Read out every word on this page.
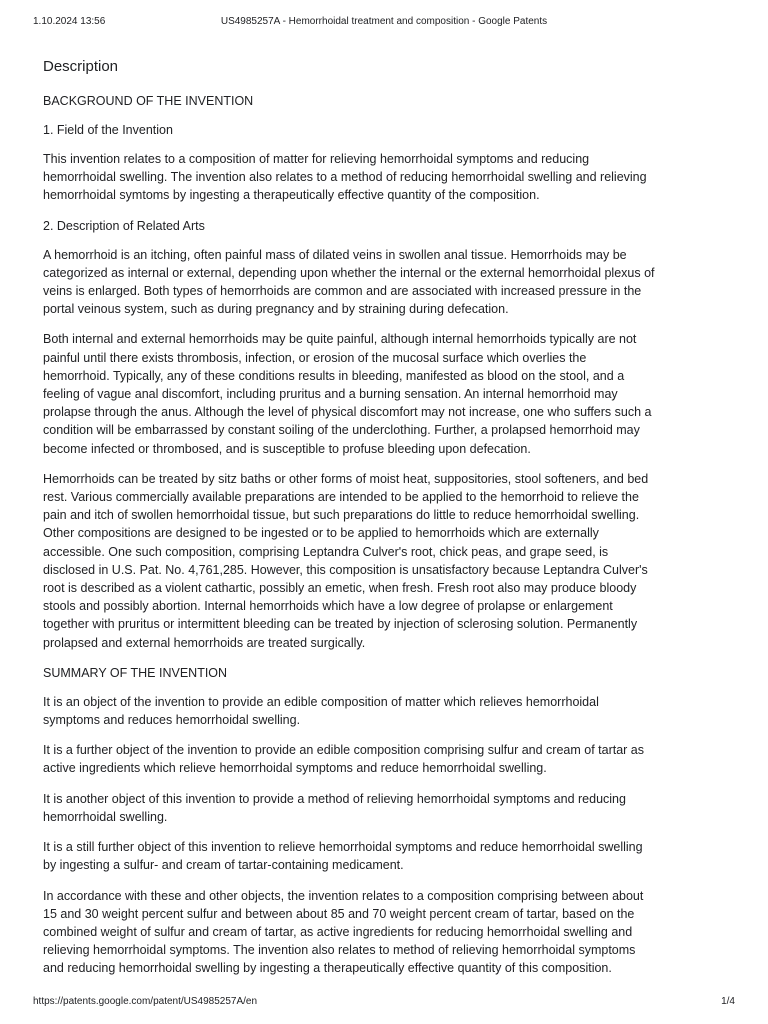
1.10.2024 13:56	US4985257A - Hemorrhoidal treatment and composition - Google Patents
Description
BACKGROUND OF THE INVENTION
1. Field of the Invention
This invention relates to a composition of matter for relieving hemorrhoidal symptoms and reducing hemorrhoidal swelling. The invention also relates to a method of reducing hemorrhoidal swelling and relieving hemorrhoidal symtoms by ingesting a therapeutically effective quantity of the composition.
2. Description of Related Arts
A hemorrhoid is an itching, often painful mass of dilated veins in swollen anal tissue. Hemorrhoids may be categorized as internal or external, depending upon whether the internal or the external hemorrhoidal plexus of veins is enlarged. Both types of hemorrhoids are common and are associated with increased pressure in the portal veinous system, such as during pregnancy and by straining during defecation.
Both internal and external hemorrhoids may be quite painful, although internal hemorrhoids typically are not painful until there exists thrombosis, infection, or erosion of the mucosal surface which overlies the hemorrhoid. Typically, any of these conditions results in bleeding, manifested as blood on the stool, and a feeling of vague anal discomfort, including pruritus and a burning sensation. An internal hemorrhoid may prolapse through the anus. Although the level of physical discomfort may not increase, one who suffers such a condition will be embarrassed by constant soiling of the underclothing. Further, a prolapsed hemorrhoid may become infected or thrombosed, and is susceptible to profuse bleeding upon defecation.
Hemorrhoids can be treated by sitz baths or other forms of moist heat, suppositories, stool softeners, and bed rest. Various commercially available preparations are intended to be applied to the hemorrhoid to relieve the pain and itch of swollen hemorrhoidal tissue, but such preparations do little to reduce hemorrhoidal swelling. Other compositions are designed to be ingested or to be applied to hemorrhoids which are externally accessible. One such composition, comprising Leptandra Culver's root, chick peas, and grape seed, is disclosed in U.S. Pat. No. 4,761,285. However, this composition is unsatisfactory because Leptandra Culver's root is described as a violent cathartic, possibly an emetic, when fresh. Fresh root also may produce bloody stools and possibly abortion. Internal hemorrhoids which have a low degree of prolapse or enlargement together with pruritus or intermittent bleeding can be treated by injection of sclerosing solution. Permanently prolapsed and external hemorrhoids are treated surgically.
SUMMARY OF THE INVENTION
It is an object of the invention to provide an edible composition of matter which relieves hemorrhoidal symptoms and reduces hemorrhoidal swelling.
It is a further object of the invention to provide an edible composition comprising sulfur and cream of tartar as active ingredients which relieve hemorrhoidal symptoms and reduce hemorrhoidal swelling.
It is another object of this invention to provide a method of relieving hemorrhoidal symptoms and reducing hemorrhoidal swelling.
It is a still further object of this invention to relieve hemorrhoidal symptoms and reduce hemorrhoidal swelling by ingesting a sulfur- and cream of tartar-containing medicament.
In accordance with these and other objects, the invention relates to a composition comprising between about 15 and 30 weight percent sulfur and between about 85 and 70 weight percent cream of tartar, based on the combined weight of sulfur and cream of tartar, as active ingredients for reducing hemorrhoidal swelling and relieving hemorrhoidal symptoms. The invention also relates to method of relieving hemorrhoidal symptoms and reducing hemorrhoidal swelling by ingesting a therapeutically effective quantity of this composition.
https://patents.google.com/patent/US4985257A/en	1/4
